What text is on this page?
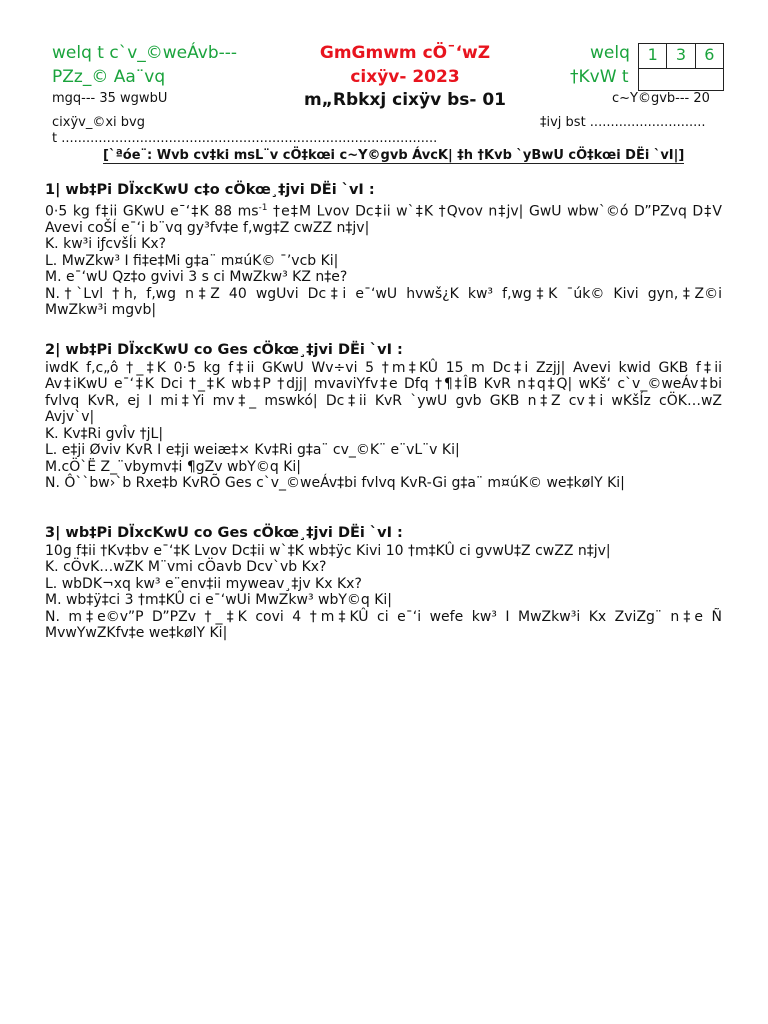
welq t c`v_©weÁvb---
PZz_© Aa¨vq
GmGmwm cÖ¯‘wZ
cixÿv- 2023
m„Rbkxj cixÿv bs- 01
welq
†KvW t
1	3	6
mgq--- 35 wgwbU	c~Y©gvb--- 20
cixÿv_©xi bvg	‡ivj bst ............................
t ...........................................................................................
[`ªóe¨: Wvb cv‡ki msL¨v cÖ‡kœi c~Y©gvb ÁvcK| ‡h †Kvb `yBwU cÖ‡kœi DËi `vI|]
1| wb‡Pi DÏxcKwU c‡o cÖkœ¸‡jvi DËi `vI :
0·5 kg f‡ii GKwU e¯‘‡K 88 $ms^{-1}$ †e‡M Lvov Dc‡ii w`‡K †Qvov n‡jv| GwU wbw`©ó D”PZvq D‡V
Avevi coŠÍ e¯‘i b¨vq gy³fv‡e f‚wg‡Z cwZZ n‡jv|
K. kw³i iƒcvšÍi Kx?
L. MwZkw³ I fi‡e‡Mi g‡a¨ m¤úK© ¯’vcb Ki|
M. e¯‘wU Qz‡o gvivi 3 s ci MwZkw³ KZ n‡e?
N.†`Lvl †h, f‚wg n‡Z 40 wgUvi Dc‡i e¯‘wU hvwš¿K kw³ f‚wg‡K ¯úk© Kivi gyn‚‡Z©i
MwZkw³i mgvb|
2| wb‡Pi DÏxcKwU co Ges cÖkœ¸‡jvi DËi `vI :
iwdK f‚c„ô †_‡K 0·5 kg f‡ii GKwU Wv÷vi 5 †m‡KÛ 15 m Dc‡i Zzjj| Avevi kwid GKB f‡ii
Av‡iKwU e¯‘‡K Dci †_‡K wb‡P †djj| mvaviYfv‡e Dfq †¶‡ÎB KvR n‡q‡Q| wKš‘ c`v_©weÁv‡bi
fvlvq KvR, ej I mi‡Yi mv‡_ mswkó| Dc‡ii KvR `ywU gvb GKB n‡Z cv‡i wKšÍz cÖK…wZ
Avjv`v|
K. Kv‡Ri gvÎv †jL|
L. e‡ji Øviv KvR I e‡ji weiæ‡× Kv‡Ri g‡a¨ cv_©K¨ e¨vL¨v Ki|
M.cÖ`Ë Z_¨vbymv‡i ¶gZv wbY©q Ki|
N. Ô``bw›`b Rxe‡b KvRÕ Ges c`v_©weÁv‡bi fvlvq KvR-Gi g‡a¨ m¤úK© we‡kølY Ki|
3| wb‡Pi DÏxcKwU co Ges cÖkœ¸‡jvi DËi `vI :
10g f‡ii †Kv‡bv e¯‘‡K Lvov Dc‡ii w`‡K wb‡ÿc Kivi 10 †m‡KÛ ci gvwU‡Z cwZZ n‡jv|
K. cÖvK…wZK M¨vmi cÖavb Dcv`vb Kx?
L. wbDK¬xq kw³ e¨env‡ii myweav¸‡jv Kx Kx?
M. wb‡ÿ‡ci 3 †m‡KÛ ci e¯‘wUi MwZkw³ wbY©q Ki|
N. m‡e©v”P D”PZv †_‡K covi 4 †m‡KÛ ci e¯‘i wefe kw³ I MwZkw³i Kx ZviZg¨ n‡e Ñ
MvwYwZKfv‡e we‡kølY Ki|
